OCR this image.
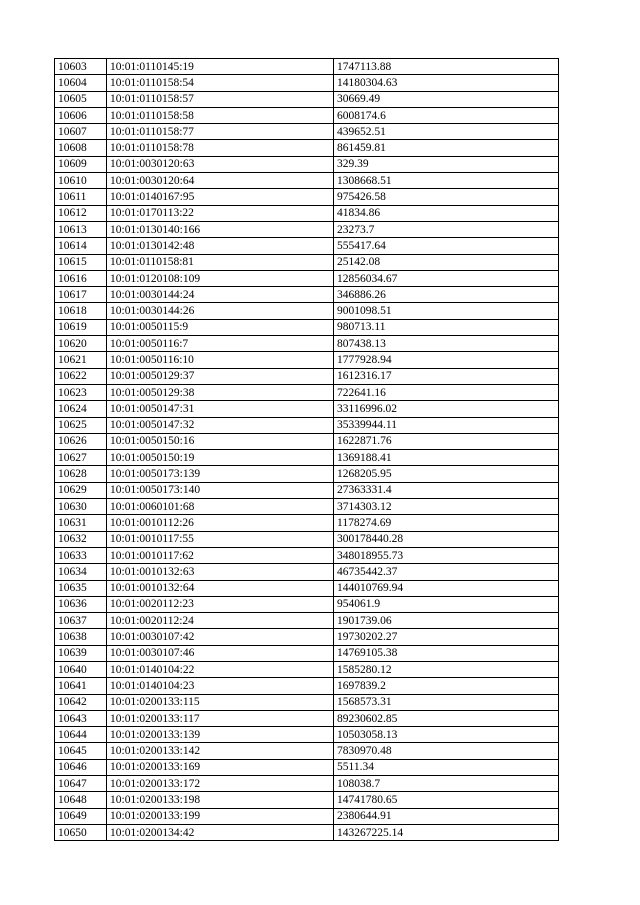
10603	10:01:0110145:19	1747113.88
10604	10:01:0110158:54	14180304.63
10605	10:01:0110158:57	30669.49
10606	10:01:0110158:58	6008174.6
10607	10:01:0110158:77	439652.51
10608	10:01:0110158:78	861459.81
10609	10:01:0030120:63	329.39
10610	10:01:0030120:64	1308668.51
10611	10:01:0140167:95	975426.58
10612	10:01:0170113:22	41834.86
10613	10:01:0130140:166	23273.7
10614	10:01:0130142:48	555417.64
10615	10:01:0110158:81	25142.08
10616	10:01:0120108:109	12856034.67
10617	10:01:0030144:24	346886.26
10618	10:01:0030144:26	9001098.51
10619	10:01:0050115:9	980713.11
10620	10:01:0050116:7	807438.13
10621	10:01:0050116:10	1777928.94
10622	10:01:0050129:37	1612316.17
10623	10:01:0050129:38	722641.16
10624	10:01:0050147:31	33116996.02
10625	10:01:0050147:32	35339944.11
10626	10:01:0050150:16	1622871.76
10627	10:01:0050150:19	1369188.41
10628	10:01:0050173:139	1268205.95
10629	10:01:0050173:140	27363331.4
10630	10:01:0060101:68	3714303.12
10631	10:01:0010112:26	1178274.69
10632	10:01:0010117:55	300178440.28
10633	10:01:0010117:62	348018955.73
10634	10:01:0010132:63	46735442.37
10635	10:01:0010132:64	144010769.94
10636	10:01:0020112:23	954061.9
10637	10:01:0020112:24	1901739.06
10638	10:01:0030107:42	19730202.27
10639	10:01:0030107:46	14769105.38
10640	10:01:0140104:22	1585280.12
10641	10:01:0140104:23	1697839.2
10642	10:01:0200133:115	1568573.31
10643	10:01:0200133:117	89230602.85
10644	10:01:0200133:139	10503058.13
10645	10:01:0200133:142	7830970.48
10646	10:01:0200133:169	5511.34
10647	10:01:0200133:172	108038.7
10648	10:01:0200133:198	14741780.65
10649	10:01:0200133:199	2380644.91
10650	10:01:0200134:42	143267225.14
